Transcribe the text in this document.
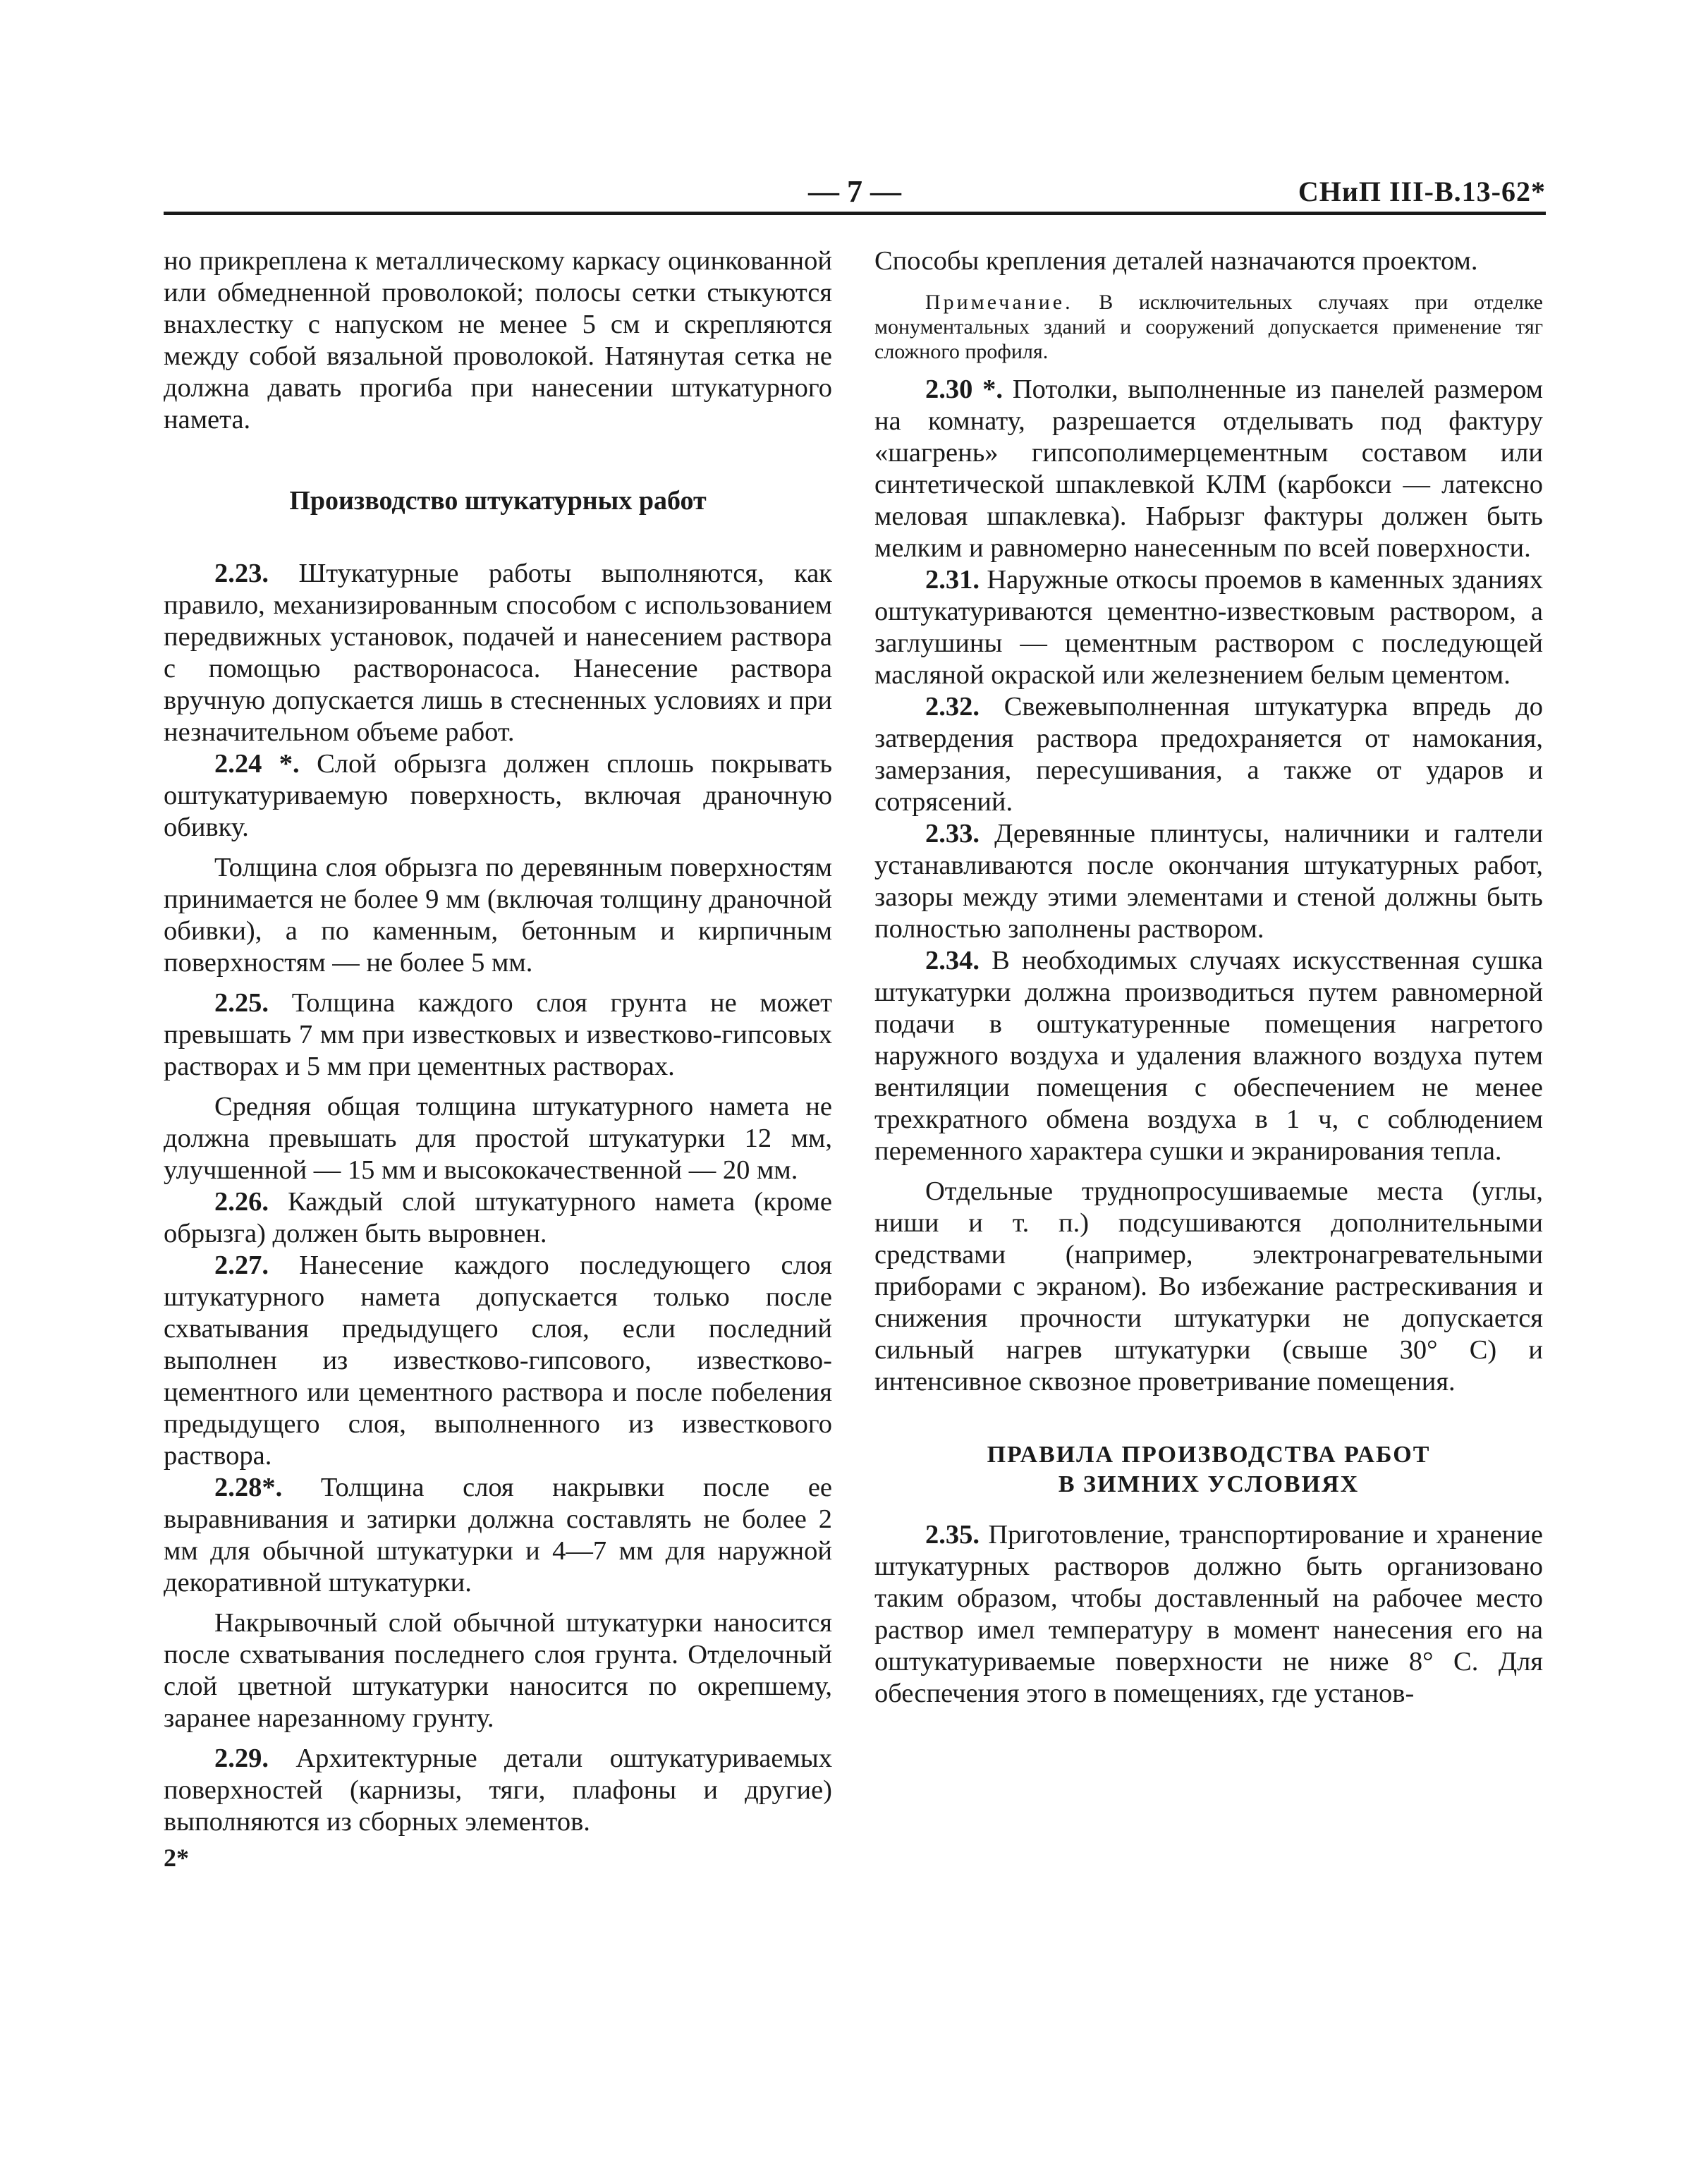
— 7 —	СНиП III-В.13-62*

но прикреплена к металлическому каркасу оцинкованной или обмедненной проволокой; полосы сетки стыкуются внахлестку с напуском не менее 5 см и скрепляются между собой вязальной проволокой. Натянутая сетка не должна давать прогиба при нанесении штукатурного намета.

Производство штукатурных работ

2.23. Штукатурные работы выполняются, как правило, механизированным способом с использованием передвижных установок, подачей и нанесением раствора с помощью растворонасоса. Нанесение раствора вручную допускается лишь в стесненных условиях и при незначительном объеме работ.

2.24 *. Слой обрызга должен сплошь покрывать оштукатуриваемую поверхность, включая драночную обивку.

Толщина слоя обрызга по деревянным поверхностям принимается не более 9 мм (включая толщину драночной обивки), а по каменным, бетонным и кирпичным поверхностям — не более 5 мм.

2.25. Толщина каждого слоя грунта не может превышать 7 мм при известковых и известково-гипсовых растворах и 5 мм при цементных растворах.

Средняя общая толщина штукатурного намета не должна превышать для простой штукатурки 12 мм, улучшенной — 15 мм и высококачественной — 20 мм.

2.26. Каждый слой штукатурного намета (кроме обрызга) должен быть выровнен.

2.27. Нанесение каждого последующего слоя штукатурного намета допускается только после схватывания предыдущего слоя, если последний выполнен из известково-гипсового, известково-цементного или цементного раствора и после побеления предыдущего слоя, выполненного из известкового раствора.

2.28*. Толщина слоя накрывки после ее выравнивания и затирки должна составлять не более 2 мм для обычной штукатурки и 4—7 мм для наружной декоративной штукатурки.

Накрывочный слой обычной штукатурки наносится после схватывания последнего слоя грунта. Отделочный слой цветной штукатурки наносится по окрепшему, заранее нарезанному грунту.

2.29. Архитектурные детали оштукатуриваемых поверхностей (карнизы, тяги, плафоны и другие) выполняются из сборных элементов.

2*

Способы крепления деталей назначаются проектом.

Примечание. В исключительных случаях при отделке монументальных зданий и сооружений допускается применение тяг сложного профиля.

2.30 *. Потолки, выполненные из панелей размером на комнату, разрешается отделывать под фактуру «шагрень» гипсополимерцементным составом или синтетической шпаклевкой КЛМ (карбокси — латексно меловая шпаклевка). Набрызг фактуры должен быть мелким и равномерно нанесенным по всей поверхности.

2.31. Наружные откосы проемов в каменных зданиях оштукатуриваются цементно-известковым раствором, а заглушины — цементным раствором с последующей масляной окраской или железнением белым цементом.

2.32. Свежевыполненная штукатурка впредь до затвердения раствора предохраняется от намокания, замерзания, пересушивания, а также от ударов и сотрясений.

2.33. Деревянные плинтусы, наличники и галтели устанавливаются после окончания штукатурных работ, зазоры между этими элементами и стеной должны быть полностью заполнены раствором.

2.34. В необходимых случаях искусственная сушка штукатурки должна производиться путем равномерной подачи в оштукатуренные помещения нагретого наружного воздуха и удаления влажного воздуха путем вентиляции помещения с обеспечением не менее трехкратного обмена воздуха в 1 ч, с соблюдением переменного характера сушки и экранирования тепла.

Отдельные труднопросушиваемые места (углы, ниши и т. п.) подсушиваются дополнительными средствами (например, электронагревательными приборами с экраном). Во избежание растрескивания и снижения прочности штукатурки не допускается сильный нагрев штукатурки (свыше 30° С) и интенсивное сквозное проветривание помещения.

ПРАВИЛА ПРОИЗВОДСТВА РАБОТ
В ЗИМНИХ УСЛОВИЯХ

2.35. Приготовление, транспортирование и хранение штукатурных растворов должно быть организовано таким образом, чтобы доставленный на рабочее место раствор имел температуру в момент нанесения его на оштукатуриваемые поверхности не ниже 8° С. Для обеспечения этого в помещениях, где установ-
